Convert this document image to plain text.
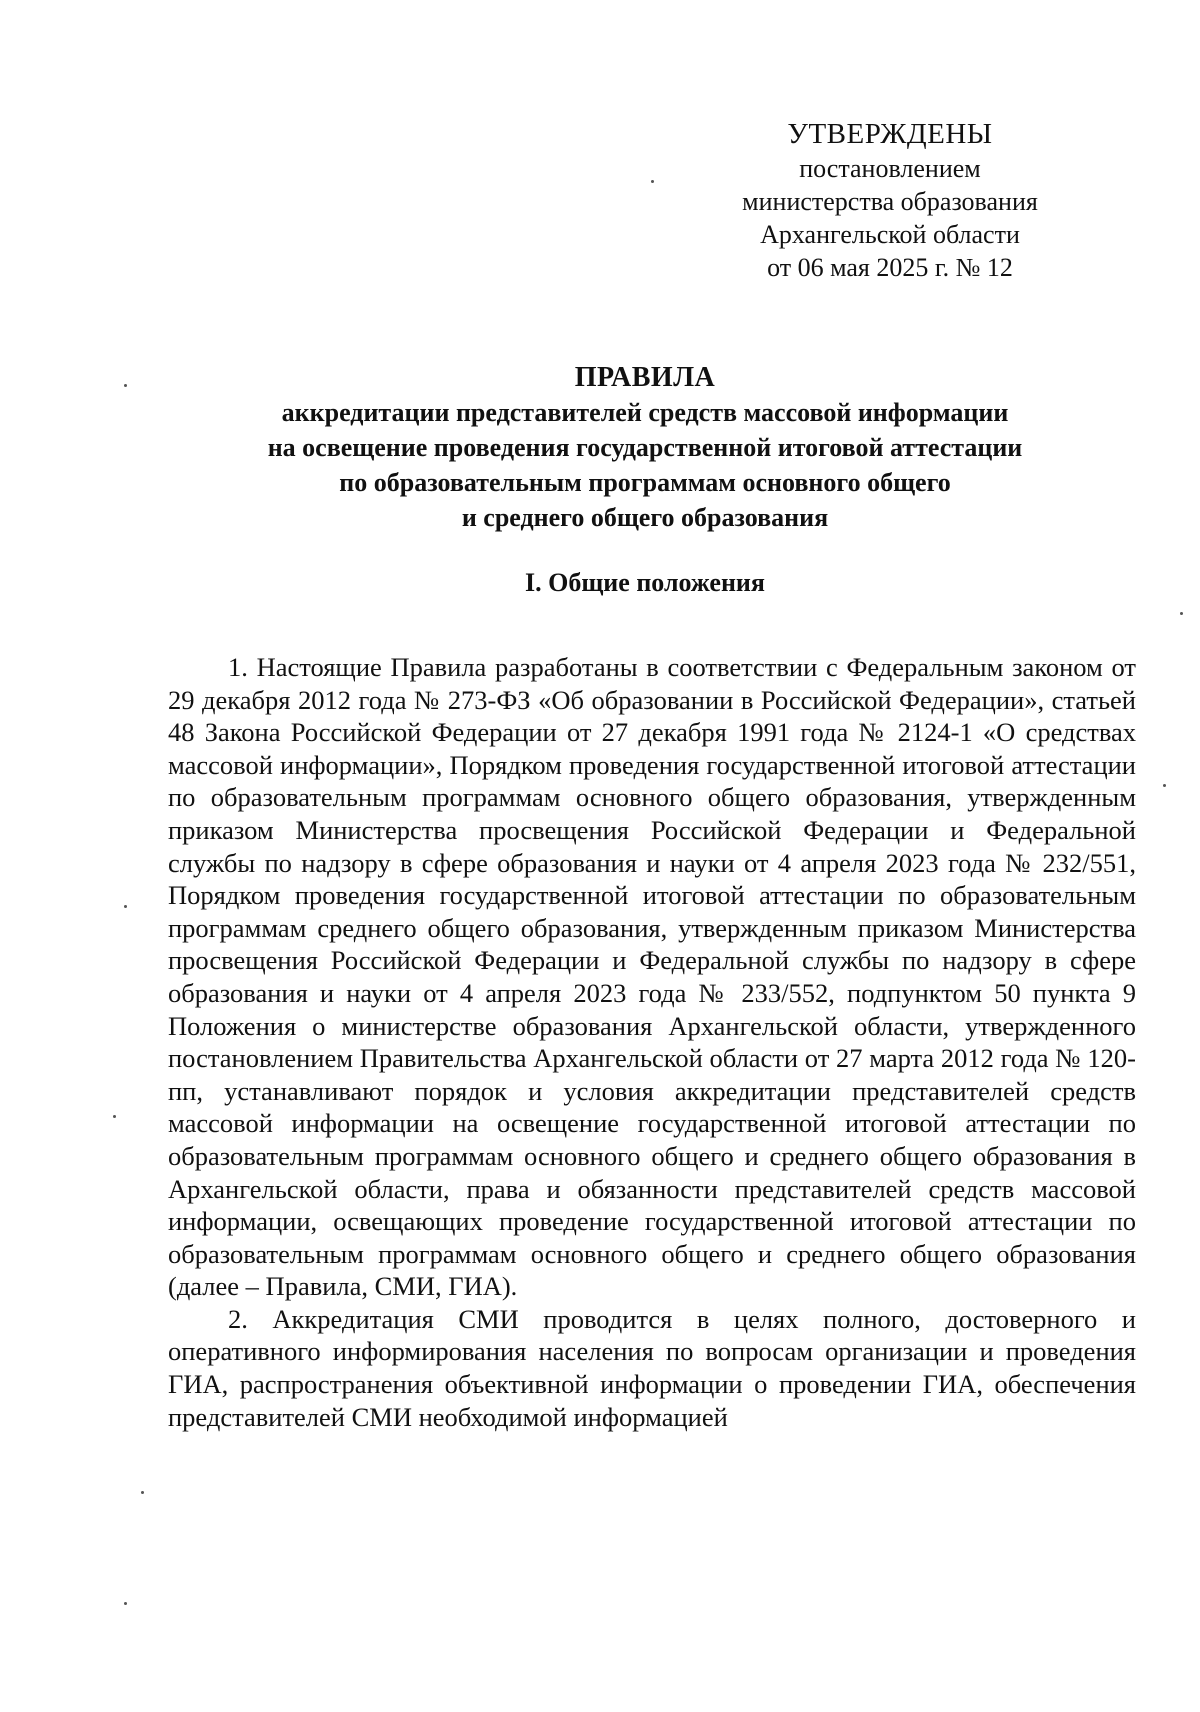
УТВЕРЖДЕНЫ
постановлением
министерства образования
Архангельской области
от 06 мая 2025 г. № 12
ПРАВИЛА
аккредитации представителей средств массовой информации
на освещение проведения государственной итоговой аттестации
по образовательным программам основного общего
и среднего общего образования
I. Общие положения

1. Настоящие Правила разработаны в соответствии с Федеральным законом от 29 декабря 2012 года № 273-ФЗ «Об образовании в Российской Федерации», статьей 48 Закона Российской Федерации от 27 декабря 1991 года № 2124-1 «О средствах массовой информации», Порядком проведения государственной итоговой аттестации по образовательным программам основного общего образования, утвержденным приказом Министерства просвещения Российской Федерации и Федеральной службы по надзору в сфере образования и науки от 4 апреля 2023 года № 232/551, Порядком проведения государственной итоговой аттестации по образовательным программам среднего общего образования, утвержденным приказом Министерства просвещения Российской Федерации и Федеральной службы по надзору в сфере образования и науки от 4 апреля 2023 года № 233/552, подпунктом 50 пункта 9 Положения о министерстве образования Архангельской области, утвержденного постановлением Правительства Архангельской области от 27 марта 2012 года № 120-пп, устанавливают порядок и условия аккредитации представителей средств массовой информации на освещение государственной итоговой аттестации по образовательным программам основного общего и среднего общего образования в Архангельской области, права и обязанности представителей средств массовой информации, освещающих проведение государственной итоговой аттестации по образовательным программам основного общего и среднего общего образования (далее – Правила, СМИ, ГИА).

2. Аккредитация СМИ проводится в целях полного, достоверного и оперативного информирования населения по вопросам организации и проведения ГИА, распространения объективной информации о проведении ГИА, обеспечения представителей СМИ необходимой информацией
